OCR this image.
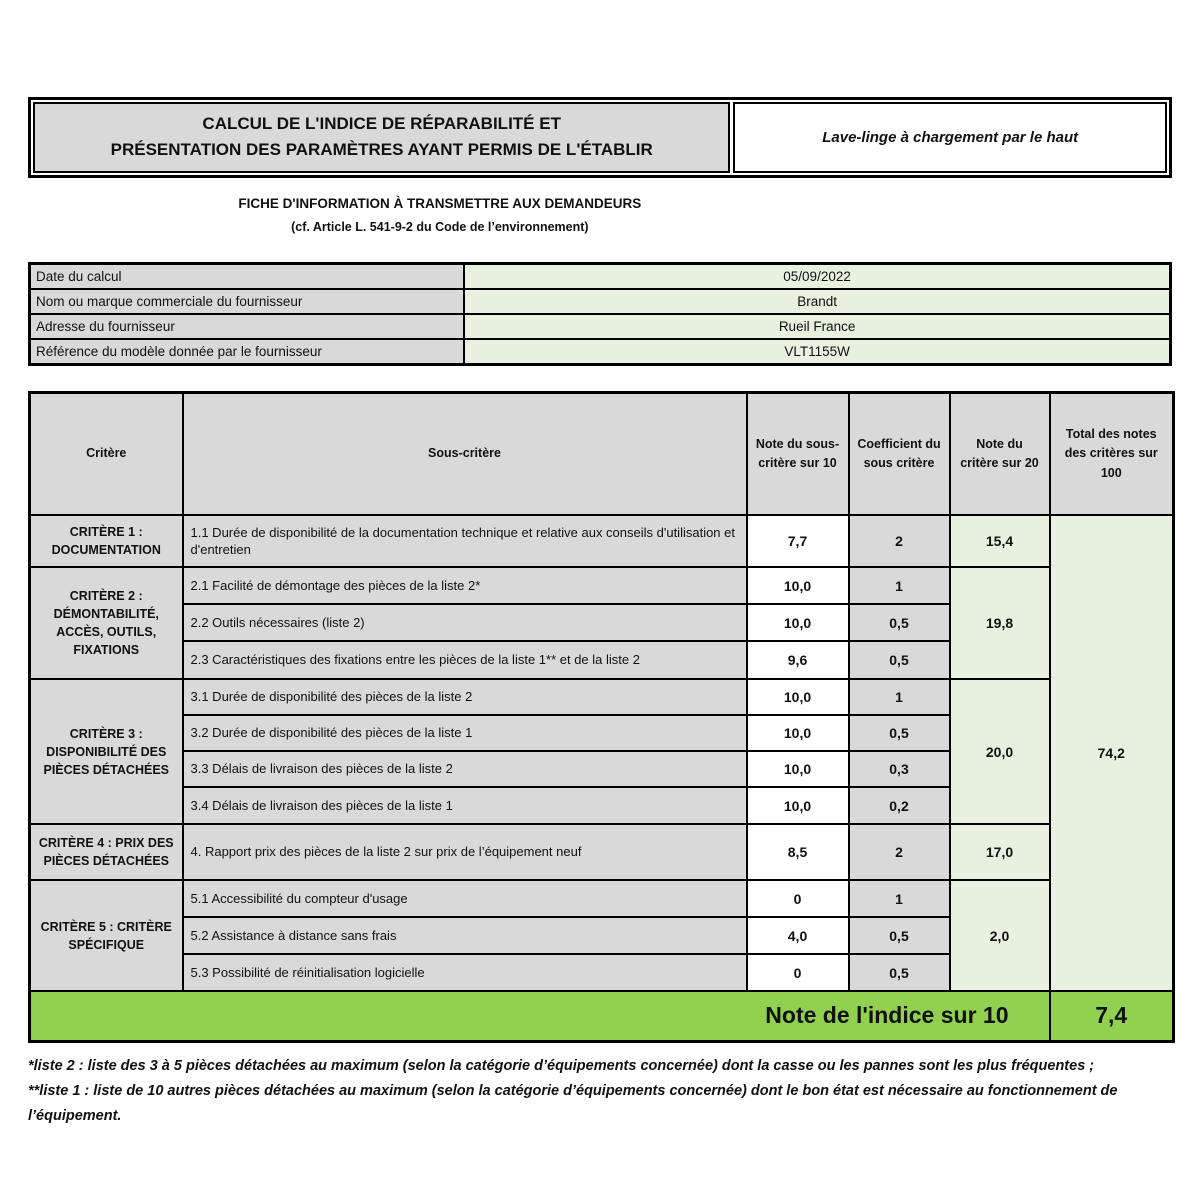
CALCUL DE L'INDICE DE RÉPARABILITÉ ET
PRÉSENTATION DES PARAMÈTRES AYANT PERMIS DE L'ÉTABLIR
Lave-linge à chargement par le haut
FICHE D'INFORMATION À TRANSMETTRE AUX DEMANDEURS
(cf. Article L. 541-9-2 du Code de l’environnement)
Date du calcul	05/09/2022
Nom ou marque commerciale du fournisseur	Brandt
Adresse du fournisseur	Rueil France
Référence du modèle donnée par le fournisseur	VLT1155W
Critère	Sous-critère	Note du sous-critère sur 10	Coefficient du sous critère	Note du critère sur 20	Total des notes des critères sur 100
CRITÈRE 1 : DOCUMENTATION	1.1 Durée de disponibilité de la documentation technique et relative aux conseils d'utilisation et d'entretien	7,7	2	15,4	74,2
CRITÈRE 2 : DÉMONTABILITÉ, ACCÈS, OUTILS, FIXATIONS	2.1 Facilité de démontage des pièces de la liste 2*	10,0	1	19,8	
	2.2 Outils nécessaires (liste 2)	10,0	0,5		
	2.3 Caractéristiques des fixations entre les pièces de la liste 1** et de la liste 2	9,6	0,5		
CRITÈRE 3 : DISPONIBILITÉ DES PIÈCES DÉTACHÉES	3.1 Durée de disponibilité des pièces de la liste 2	10,0	1	20,0	
	3.2 Durée de disponibilité des pièces de la liste 1	10,0	0,5		
	3.3 Délais de livraison des pièces de la liste 2	10,0	0,3		
	3.4 Délais de livraison des pièces de la liste 1	10,0	0,2		
CRITÈRE 4 : PRIX DES PIÈCES DÉTACHÉES	4. Rapport prix des pièces de la liste 2 sur prix de l’équipement neuf	8,5	2	17,0	
CRITÈRE 5 : CRITÈRE SPÉCIFIQUE	5.1 Accessibilité du compteur d'usage	0	1	2,0	
	5.2 Assistance à distance sans frais	4,0	0,5		
	5.3 Possibilité de réinitialisation logicielle	0	0,5		
Note de l'indice sur 10					7,4

*liste 2 : liste des 3 à 5 pièces détachées au maximum (selon la catégorie d’équipements concernée) dont la casse ou les pannes sont les plus fréquentes ;

**liste 1 : liste de 10 autres pièces détachées au maximum (selon la catégorie d’équipements concernée) dont le bon état est nécessaire au fonctionnement de l’équipement.
